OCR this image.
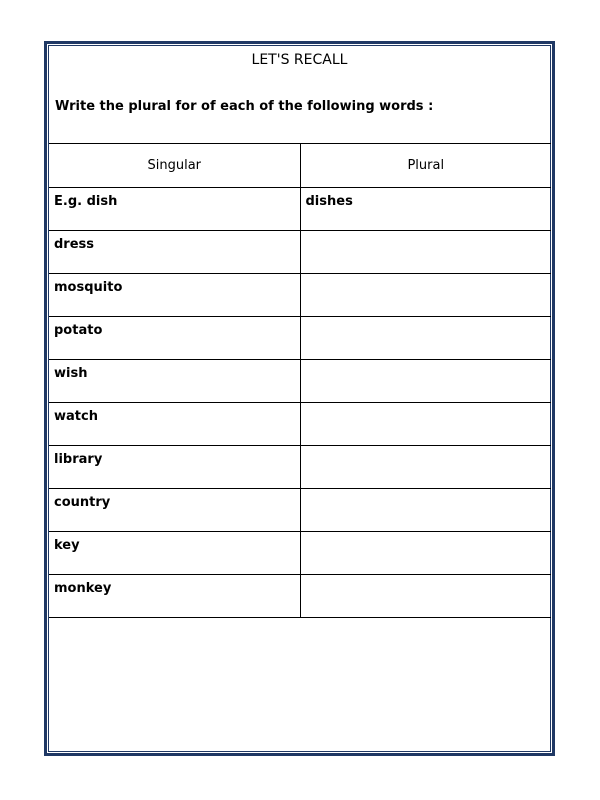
LET'S RECALL
Write the plural for of each of the following words :
Singular	Plural
E.g. dish	dishes
dress	
mosquito	
potato	
wish	
watch	
library	
country	
key	
monkey	
